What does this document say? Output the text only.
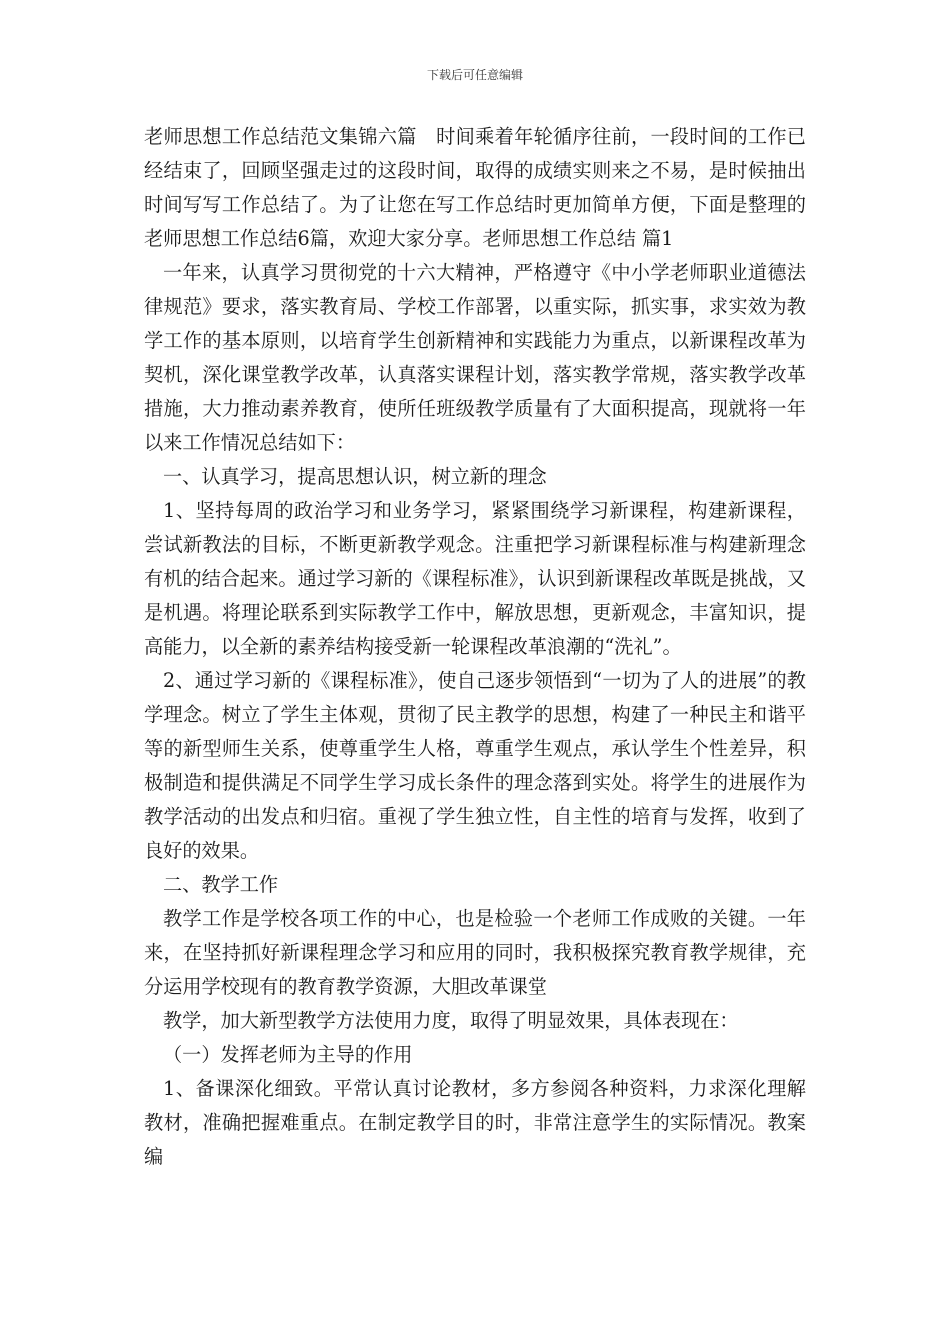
下载后可任意编辑

老师思想工作总结范文集锦六篇　时间乘着年轮循序往前，一段时间的工作已经结束了，回顾坚强走过的这段时间，取得的成绩实则来之不易，是时候抽出时间写写工作总结了。为了让您在写工作总结时更加简单方便，下面是整理的老师思想工作总结6篇，欢迎大家分享。老师思想工作总结 篇1

一年来，认真学习贯彻党的十六大精神，严格遵守《中小学老师职业道德法律规范》要求，落实教育局、学校工作部署，以重实际，抓实事，求实效为教学工作的基本原则，以培育学生创新精神和实践能力为重点，以新课程改革为契机，深化课堂教学改革，认真落实课程计划，落实教学常规，落实教学改革措施，大力推动素养教育，使所任班级教学质量有了大面积提高，现就将一年以来工作情况总结如下：

一、认真学习，提高思想认识，树立新的理念

1、坚持每周的政治学习和业务学习，紧紧围绕学习新课程，构建新课程，尝试新教法的目标，不断更新教学观念。注重把学习新课程标准与构建新理念有机的结合起来。通过学习新的《课程标准》，认识到新课程改革既是挑战，又是机遇。将理论联系到实际教学工作中，解放思想，更新观念，丰富知识，提高能力，以全新的素养结构接受新一轮课程改革浪潮的“洗礼”。

2、通过学习新的《课程标准》，使自己逐步领悟到“一切为了人的进展”的教学理念。树立了学生主体观，贯彻了民主教学的思想，构建了一种民主和谐平等的新型师生关系，使尊重学生人格，尊重学生观点，承认学生个性差异，积极制造和提供满足不同学生学习成长条件的理念落到实处。将学生的进展作为教学活动的出发点和归宿。重视了学生独立性，自主性的培育与发挥，收到了良好的效果。

二、教学工作

教学工作是学校各项工作的中心，也是检验一个老师工作成败的关键。一年来，在坚持抓好新课程理念学习和应用的同时，我积极探究教育教学规律，充分运用学校现有的教育教学资源，大胆改革课堂

教学，加大新型教学方法使用力度，取得了明显效果，具体表现在：

（一）发挥老师为主导的作用

1、备课深化细致。平常认真讨论教材，多方参阅各种资料，力求深化理解教材，准确把握难重点。在制定教学目的时，非常注意学生的实际情况。教案编
